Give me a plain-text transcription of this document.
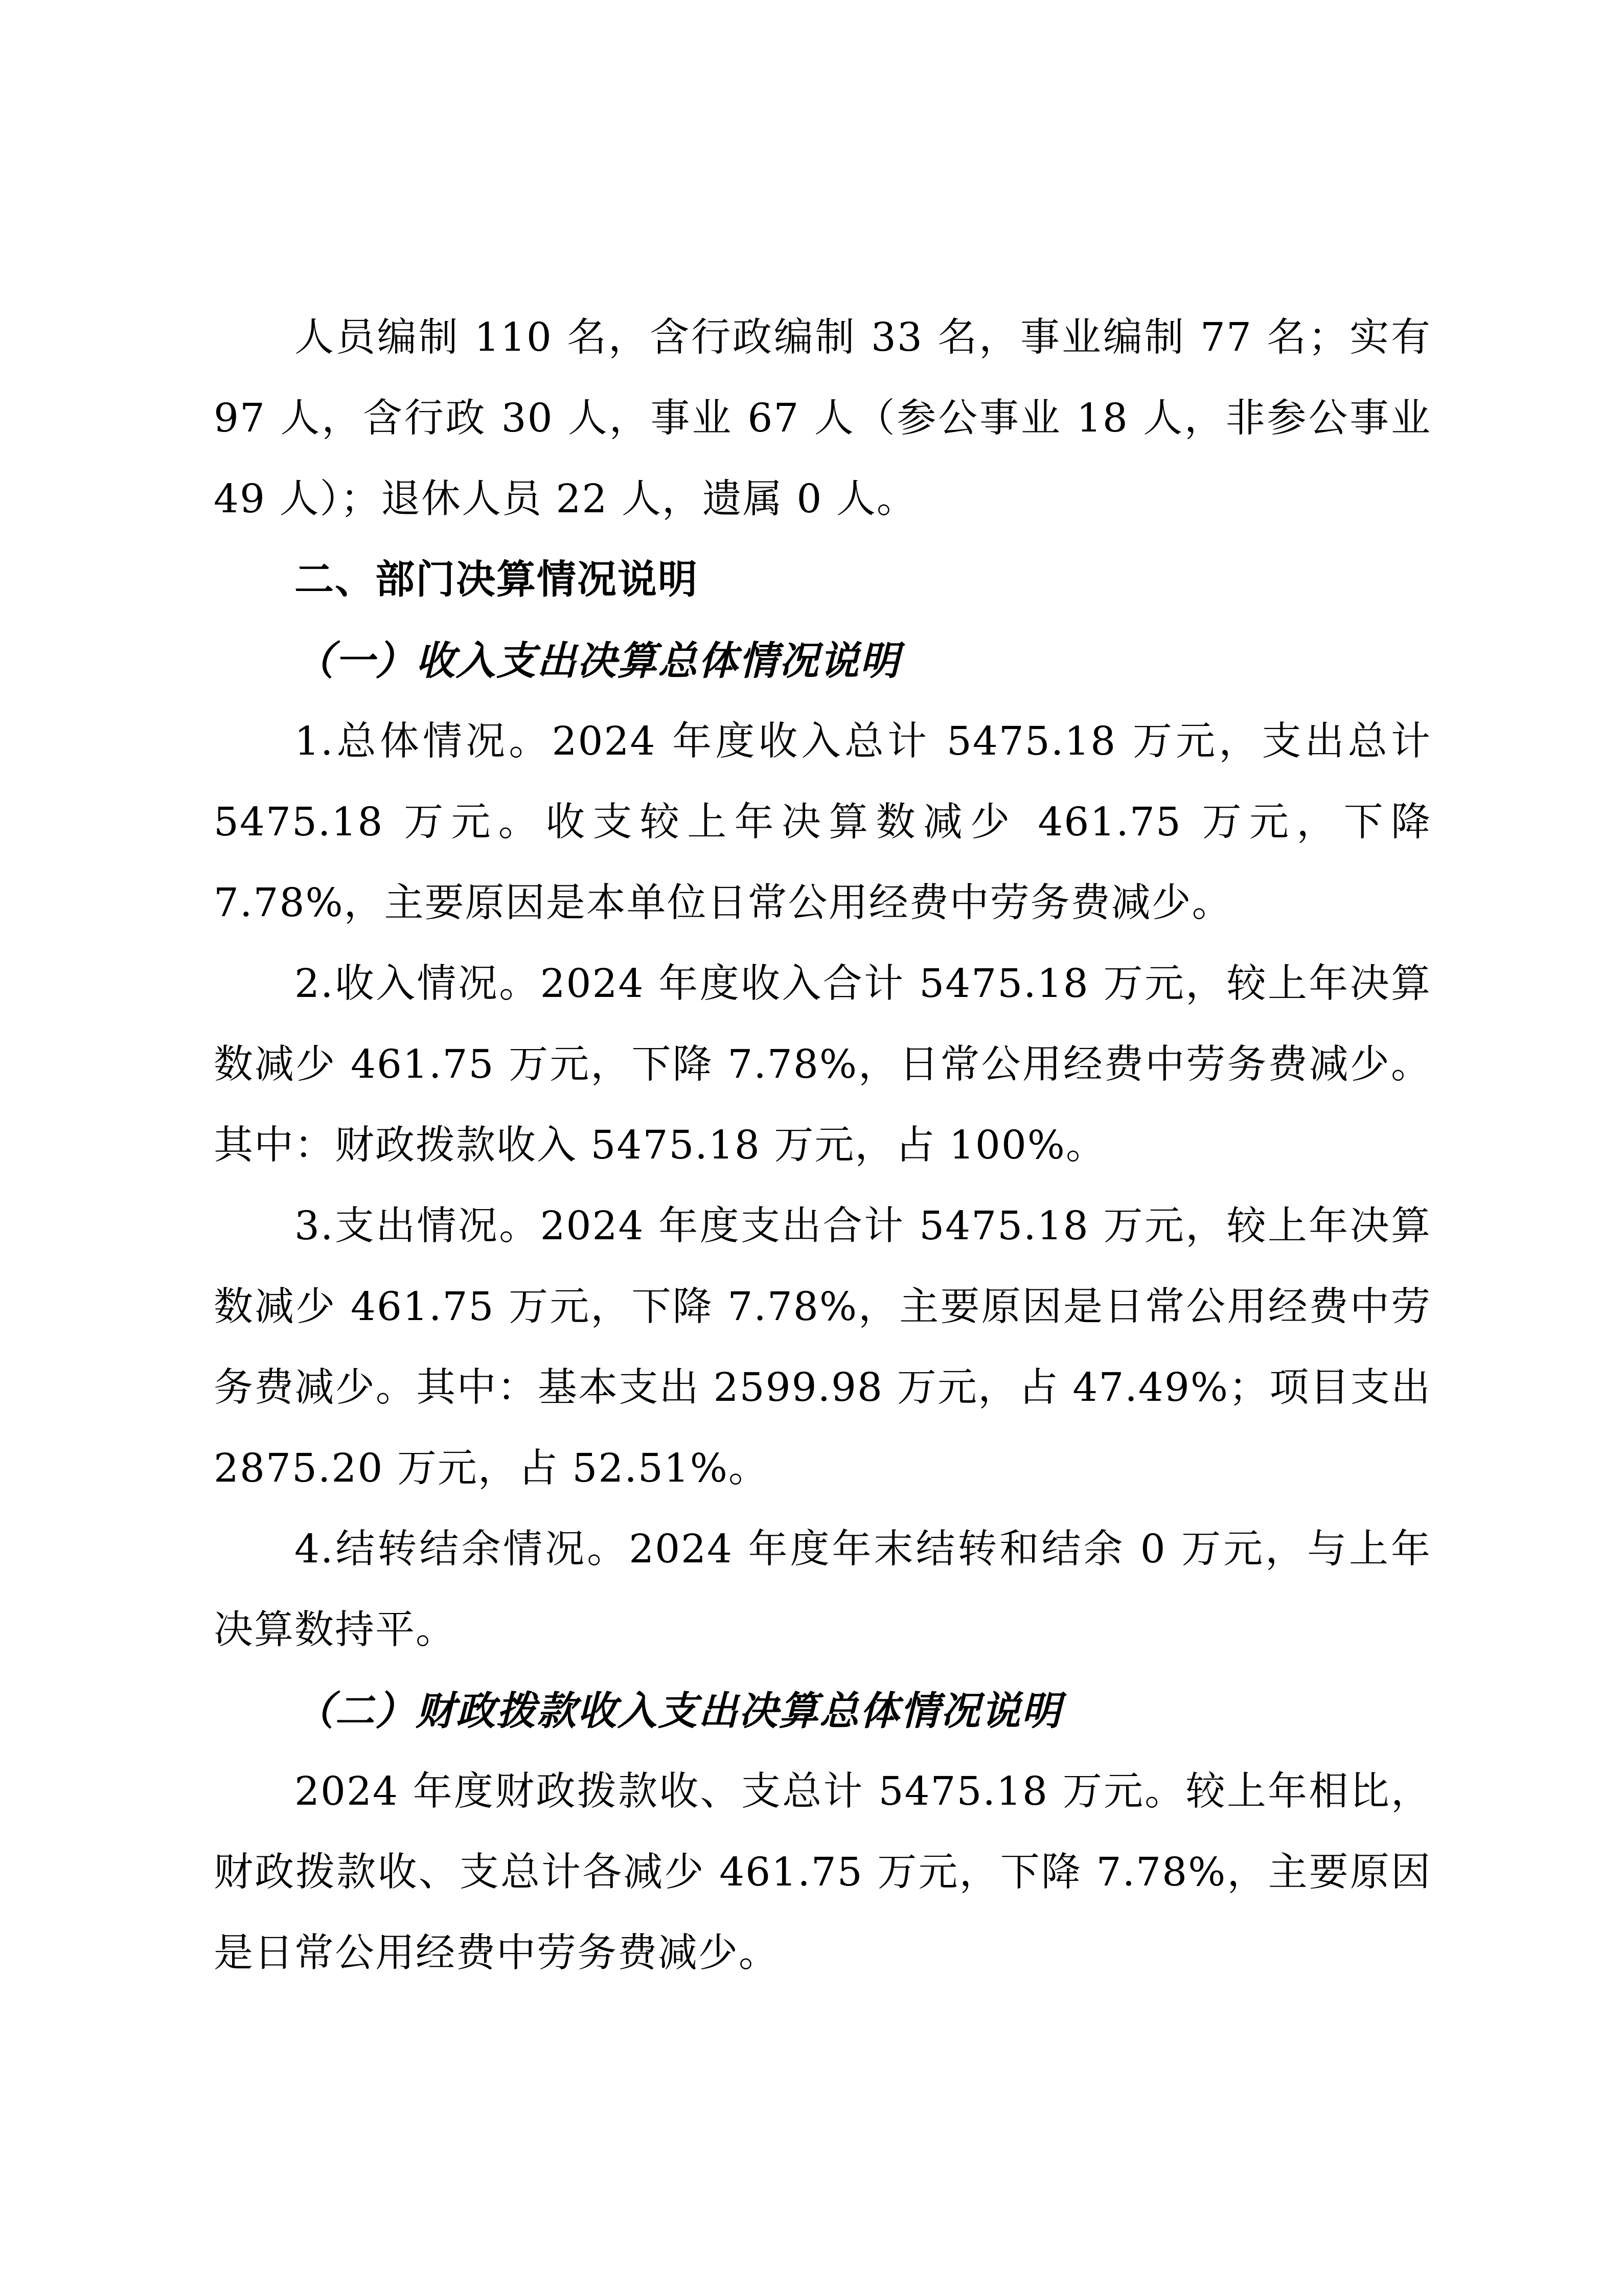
人员编制 110 名，含行政编制 33 名，事业编制 77 名；实有 97 人，含行政 30 人，事业 67 人（参公事业 18 人，非参公事业 49 人）；退休人员 22 人，遗属 0 人。

二、部门决算情况说明
（一）收入支出决算总体情况说明

1.总体情况。2024 年度收入总计 5475.18 万元，支出总计 5475.18 万元。收支较上年决算数减少 461.75 万元，下降 7.78%，主要原因是本单位日常公用经费中劳务费减少。

2.收入情况。2024 年度收入合计 5475.18 万元，较上年决算数减少 461.75 万元，下降 7.78%，日常公用经费中劳务费减少。其中：财政拨款收入 5475.18 万元，占 100%。

3.支出情况。2024 年度支出合计 5475.18 万元，较上年决算数减少 461.75 万元，下降 7.78%，主要原因是日常公用经费中劳务费减少。其中：基本支出 2599.98 万元，占 47.49%；项目支出 2875.20 万元，占 52.51%。

4.结转结余情况。2024 年度年末结转和结余 0 万元，与上年决算数持平。

（二）财政拨款收入支出决算总体情况说明

2024 年度财政拨款收、支总计 5475.18 万元。较上年相比，财政拨款收、支总计各减少 461.75 万元，下降 7.78%，主要原因是日常公用经费中劳务费减少。
